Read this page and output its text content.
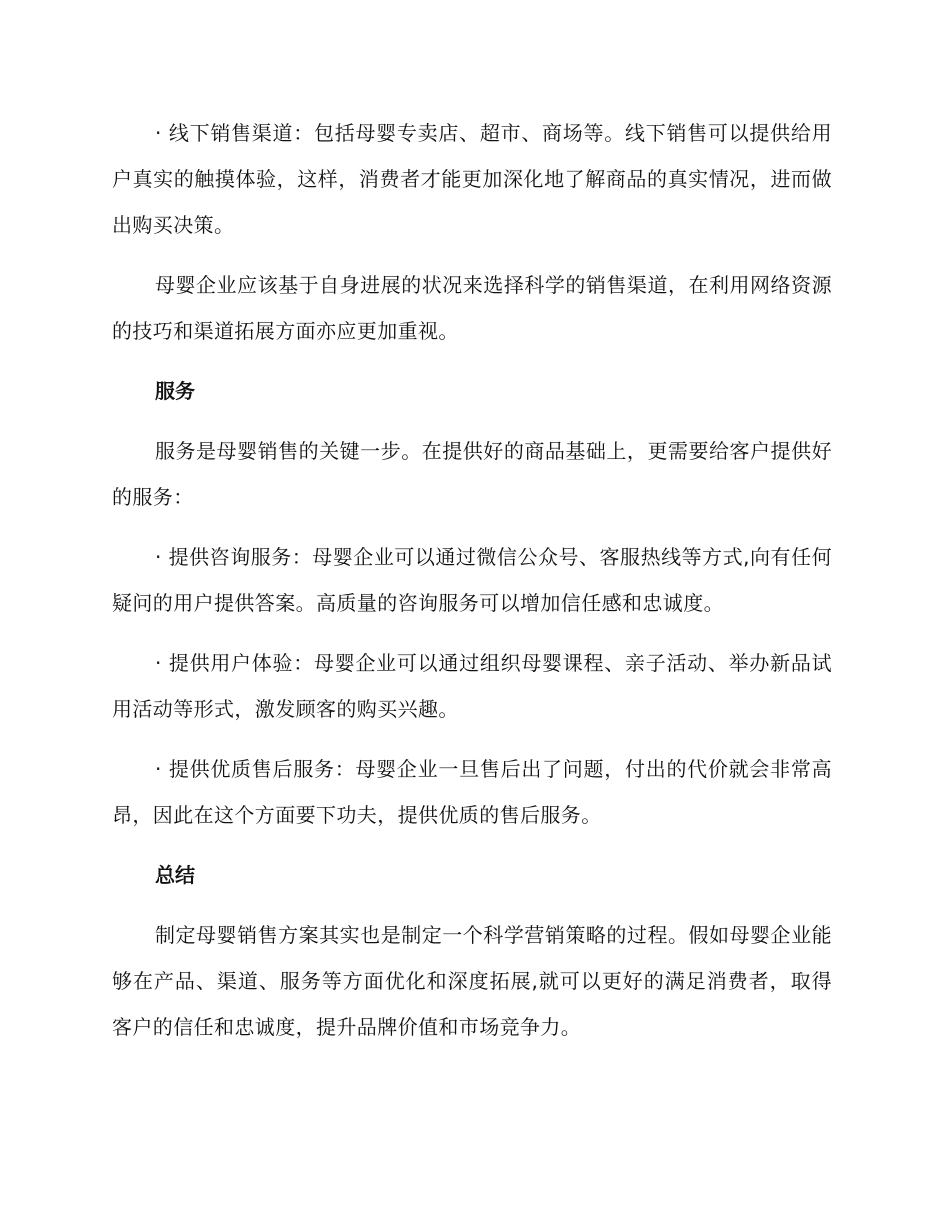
· 线下销售渠道：包括母婴专卖店、超市、商场等。线下销售可以提供给用户真实的触摸体验，这样，消费者才能更加深化地了解商品的真实情况，进而做出购买决策。

母婴企业应该基于自身进展的状况来选择科学的销售渠道，在利用网络资源的技巧和渠道拓展方面亦应更加重视。

服务

服务是母婴销售的关键一步。在提供好的商品基础上，更需要给客户提供好的服务：

· 提供咨询服务：母婴企业可以通过微信公众号、客服热线等方式,向有任何疑问的用户提供答案。高质量的咨询服务可以增加信任感和忠诚度。

· 提供用户体验：母婴企业可以通过组织母婴课程、亲子活动、举办新品试用活动等形式，激发顾客的购买兴趣。

· 提供优质售后服务：母婴企业一旦售后出了问题，付出的代价就会非常高昂，因此在这个方面要下功夫，提供优质的售后服务。

总结

制定母婴销售方案其实也是制定一个科学营销策略的过程。假如母婴企业能够在产品、渠道、服务等方面优化和深度拓展,就可以更好的满足消费者，取得客户的信任和忠诚度，提升品牌价值和市场竞争力。
